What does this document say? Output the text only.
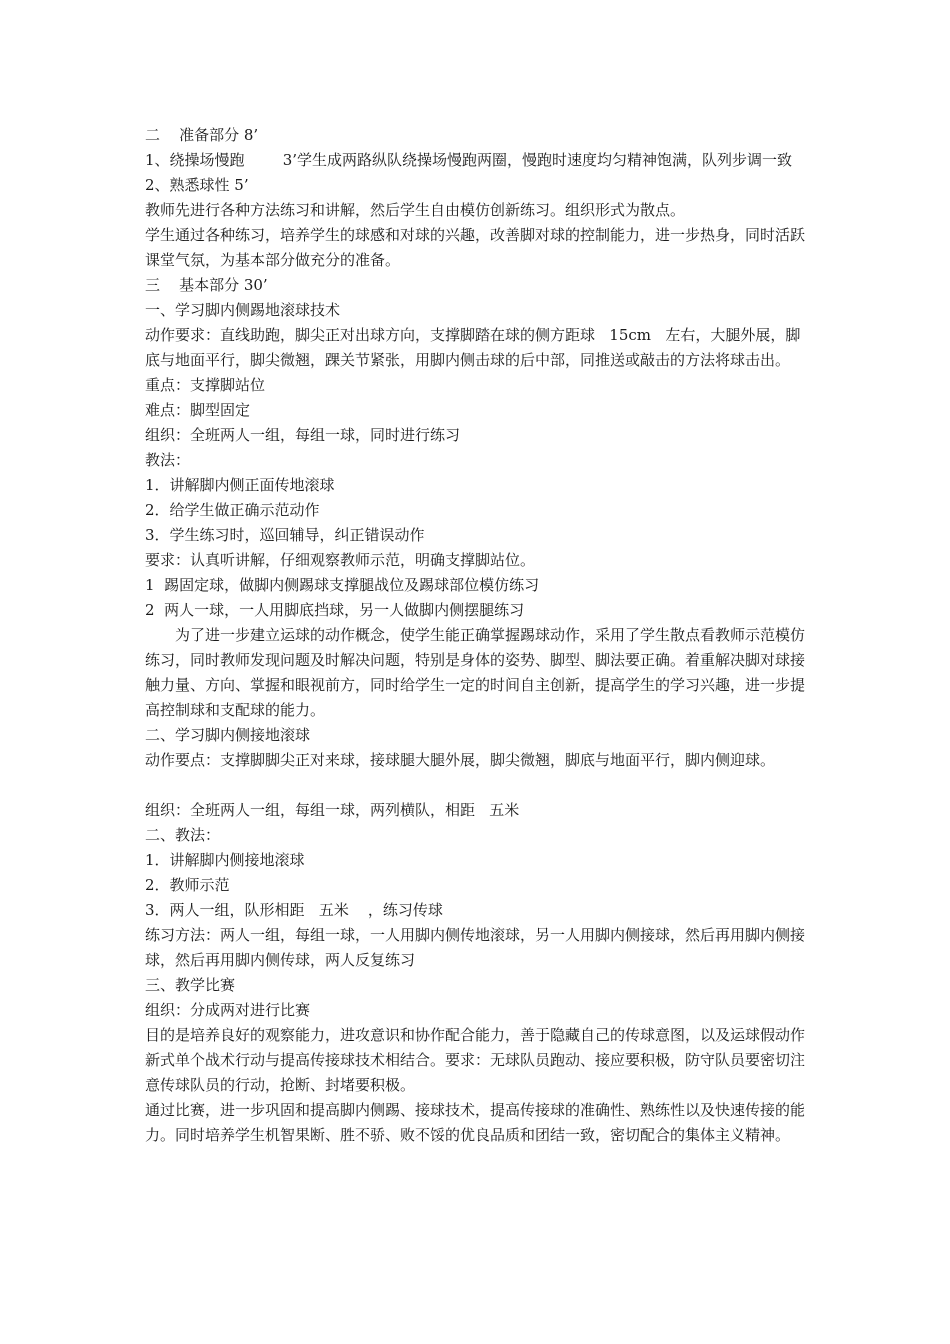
二    准备部分 8’

1、绕操场慢跑        3’学生成两路纵队绕操场慢跑两圈，慢跑时速度均匀精神饱满，队列步调一致

2、熟悉球性 5’

教师先进行各种方法练习和讲解，然后学生自由模仿创新练习。组织形式为散点。

学生通过各种练习，培养学生的球感和对球的兴趣，改善脚对球的控制能力，进一步热身，同时活跃课堂气氛，为基本部分做充分的准备。

三    基本部分 30’

一、学习脚内侧踢地滚球技术

动作要求：直线助跑，脚尖正对出球方向，支撑脚踏在球的侧方距球   15cm   左右，大腿外展，脚底与地面平行，脚尖微翘，踝关节紧张，用脚内侧击球的后中部，同推送或敲击的方法将球击出。

重点：支撑脚站位

难点：脚型固定

组织：全班两人一组，每组一球，同时进行练习

教法：

1．讲解脚内侧正面传地滚球

2．给学生做正确示范动作

3．学生练习时，巡回辅导，纠正错误动作

要求：认真听讲解，仔细观察教师示范，明确支撑脚站位。

1  踢固定球，做脚内侧踢球支撑腿战位及踢球部位模仿练习

2  两人一球，一人用脚底挡球，另一人做脚内侧摆腿练习

为了进一步建立运球的动作概念，使学生能正确掌握踢球动作，采用了学生散点看教师示范模仿练习，同时教师发现问题及时解决问题，特别是身体的姿势、脚型、脚法要正确。着重解决脚对球接触力量、方向、掌握和眼视前方，同时给学生一定的时间自主创新，提高学生的学习兴趣，进一步提高控制球和支配球的能力。

二、学习脚内侧接地滚球

动作要点：支撑脚脚尖正对来球，接球腿大腿外展，脚尖微翘，脚底与地面平行，脚内侧迎球。

组织：全班两人一组，每组一球，两列横队，相距   五米

二、教法：

1．讲解脚内侧接地滚球

2．教师示范

3．两人一组，队形相距   五米    ，练习传球

练习方法：两人一组，每组一球，一人用脚内侧传地滚球，另一人用脚内侧接球，然后再用脚内侧接球，然后再用脚内侧传球，两人反复练习

三、教学比赛

组织：分成两对进行比赛

目的是培养良好的观察能力，进攻意识和协作配合能力，善于隐藏自己的传球意图，以及运球假动作新式单个战术行动与提高传接球技术相结合。要求：无球队员跑动、接应要积极，防守队员要密切注意传球队员的行动，抢断、封堵要积极。

通过比赛，进一步巩固和提高脚内侧踢、接球技术，提高传接球的准确性、熟练性以及快速传接的能力。同时培养学生机智果断、胜不骄、败不馁的优良品质和团结一致，密切配合的集体主义精神。
